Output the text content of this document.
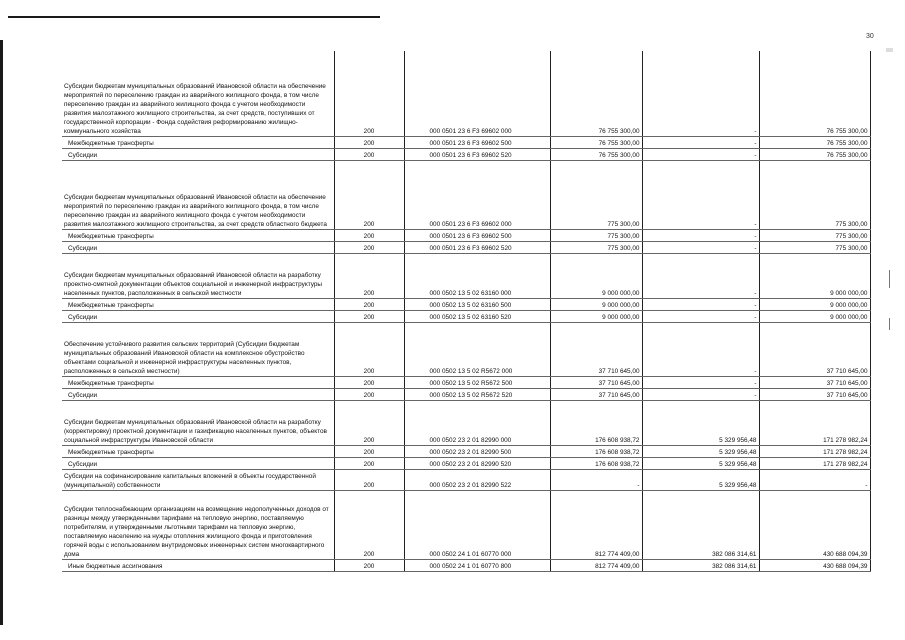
30
Субсидии бюджетам муниципальных образований Ивановской области на обеспечение мероприятий по переселению граждан из аварийного жилищного фонда, в том числе переселению граждан из аварийного жилищного фонда с учетом необходимости развития малоэтажного жилищного строительства, за счет средств, поступивших от государственной корпорации - Фонда содействия реформированию жилищно-коммунального хозяйства	200	000 0501 23 6 F3 69602 000	76 755 300,00	-	76 755 300,00
Межбюджетные трансферты	200	000 0501 23 6 F3 69602 500	76 755 300,00	-	76 755 300,00
Субсидии	200	000 0501 23 6 F3 69602 520	76 755 300,00	-	76 755 300,00
Субсидии бюджетам муниципальных образований Ивановской области на обеспечение мероприятий по переселению граждан из аварийного жилищного фонда, в том числе переселению граждан из аварийного жилищного фонда с учетом необходимости развития малоэтажного жилищного строительства, за счет средств областного бюджета	200	000 0501 23 6 F3 69602 000	775 300,00	-	775 300,00
Межбюджетные трансферты	200	000 0501 23 6 F3 69602 500	775 300,00	-	775 300,00
Субсидии	200	000 0501 23 6 F3 69602 520	775 300,00	-	775 300,00
Субсидии бюджетам муниципальных образований Ивановской области на разработку проектно-сметной документации объектов социальной и инженерной инфраструктуры населенных пунктов, расположенных в сельской местности	200	000 0502 13 5 02 63160 000	9 000 000,00	-	9 000 000,00
Межбюджетные трансферты	200	000 0502 13 5 02 63160 500	9 000 000,00	-	9 000 000,00
Субсидии	200	000 0502 13 5 02 63160 520	9 000 000,00	-	9 000 000,00
Обеспечение устойчивого развития сельских территорий (Субсидии бюджетам муниципальных образований Ивановской области на комплексное обустройство объектами социальной и инженерной инфраструктуры населенных пунктов, расположенных в сельской местности)	200	000 0502 13 5 02 R5672 000	37 710 645,00	-	37 710 645,00
Межбюджетные трансферты	200	000 0502 13 5 02 R5672 500	37 710 645,00	-	37 710 645,00
Субсидии	200	000 0502 13 5 02 R5672 520	37 710 645,00	-	37 710 645,00
Субсидии бюджетам муниципальных образований Ивановской области на разработку (корректировку) проектной документации и газификацию населенных пунктов, объектов социальной инфраструктуры Ивановской области	200	000 0502 23 2 01 82990 000	176 608 938,72	5 329 956,48	171 278 982,24
Межбюджетные трансферты	200	000 0502 23 2 01 82990 500	176 608 938,72	5 329 956,48	171 278 982,24
Субсидии	200	000 0502 23 2 01 82990 520	176 608 938,72	5 329 956,48	171 278 982,24
Субсидии на софинансирование капитальных вложений в объекты государственной (муниципальной) собственности	200	000 0502 23 2 01 82990 522	-	5 329 956,48	-
Субсидии теплоснабжающим организациям на возмещение недополученных доходов от разницы между утвержденными тарифами на тепловую энергию, поставляемую потребителям, и утвержденными льготными тарифами на тепловую энергию, поставляемую населению на нужды отопления жилищного фонда и приготовления горячей воды с использованием внутридомовых инженерных систем многоквартирного дома	200	000 0502 24 1 01 60770 000	812 774 409,00	382 086 314,61	430 688 094,39
Иные бюджетные ассигнования	200	000 0502 24 1 01 60770 800	812 774 409,00	382 086 314,61	430 688 094,39
